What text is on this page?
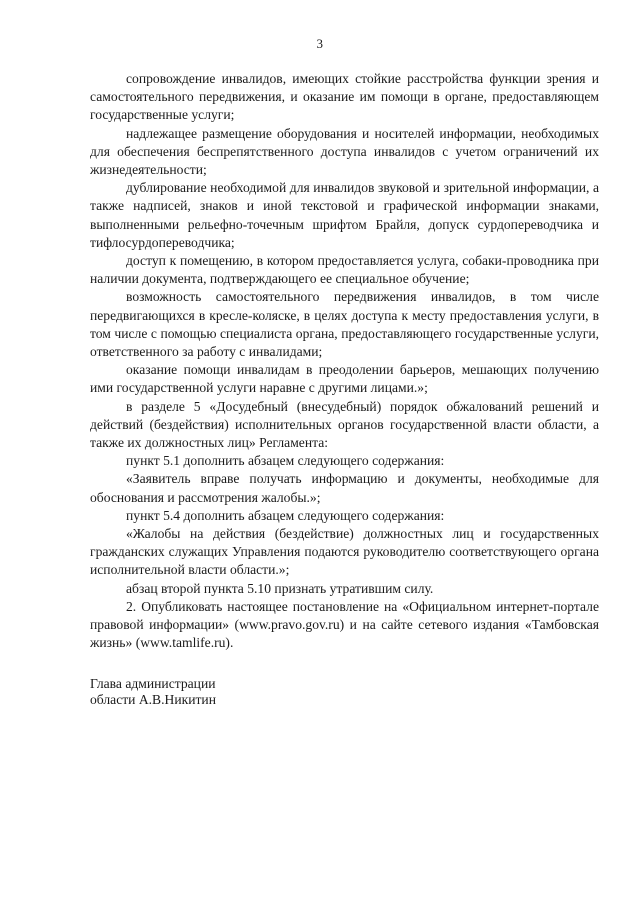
3

сопровождение инвалидов, имеющих стойкие расстройства функции зрения и самостоятельного передвижения, и оказание им помощи в органе, предоставляющем государственные услуги;

надлежащее размещение оборудования и носителей информации, необходимых для обеспечения беспрепятственного доступа инвалидов с учетом ограничений их жизнедеятельности;

дублирование необходимой для инвалидов звуковой и зрительной информации, а также надписей, знаков и иной текстовой и графической информации знаками, выполненными рельефно-точечным шрифтом Брайля, допуск сурдопереводчика и тифлосурдопереводчика;

доступ к помещению, в котором предоставляется услуга, собаки-проводника при наличии документа, подтверждающего ее специальное обучение;

возможность самостоятельного передвижения инвалидов, в том числе передвигающихся в кресле-коляске, в целях доступа к месту предоставления услуги, в том числе с помощью специалиста органа, предоставляющего государственные услуги, ответственного за работу с инвалидами;

оказание помощи инвалидам в преодолении барьеров, мешающих получению ими государственной услуги наравне с другими лицами.»;

в разделе 5 «Досудебный (внесудебный) порядок обжалований решений и действий (бездействия) исполнительных органов государственной власти области, а также их должностных лиц» Регламента:

пункт 5.1 дополнить абзацем следующего содержания:

«Заявитель вправе получать информацию и документы, необходимые для обоснования и рассмотрения жалобы.»;

пункт 5.4 дополнить абзацем следующего содержания:

«Жалобы на действия (бездействие) должностных лиц и государственных гражданских служащих Управления подаются руководителю соответствующего органа исполнительной власти области.»;

абзац второй пункта 5.10 признать утратившим силу.

2. Опубликовать настоящее постановление на «Официальном интернет-портале правовой информации» (www.pravo.gov.ru) и на сайте сетевого издания «Тамбовская жизнь» (www.tamlife.ru).

Глава администрации
области А.В.Никитин
